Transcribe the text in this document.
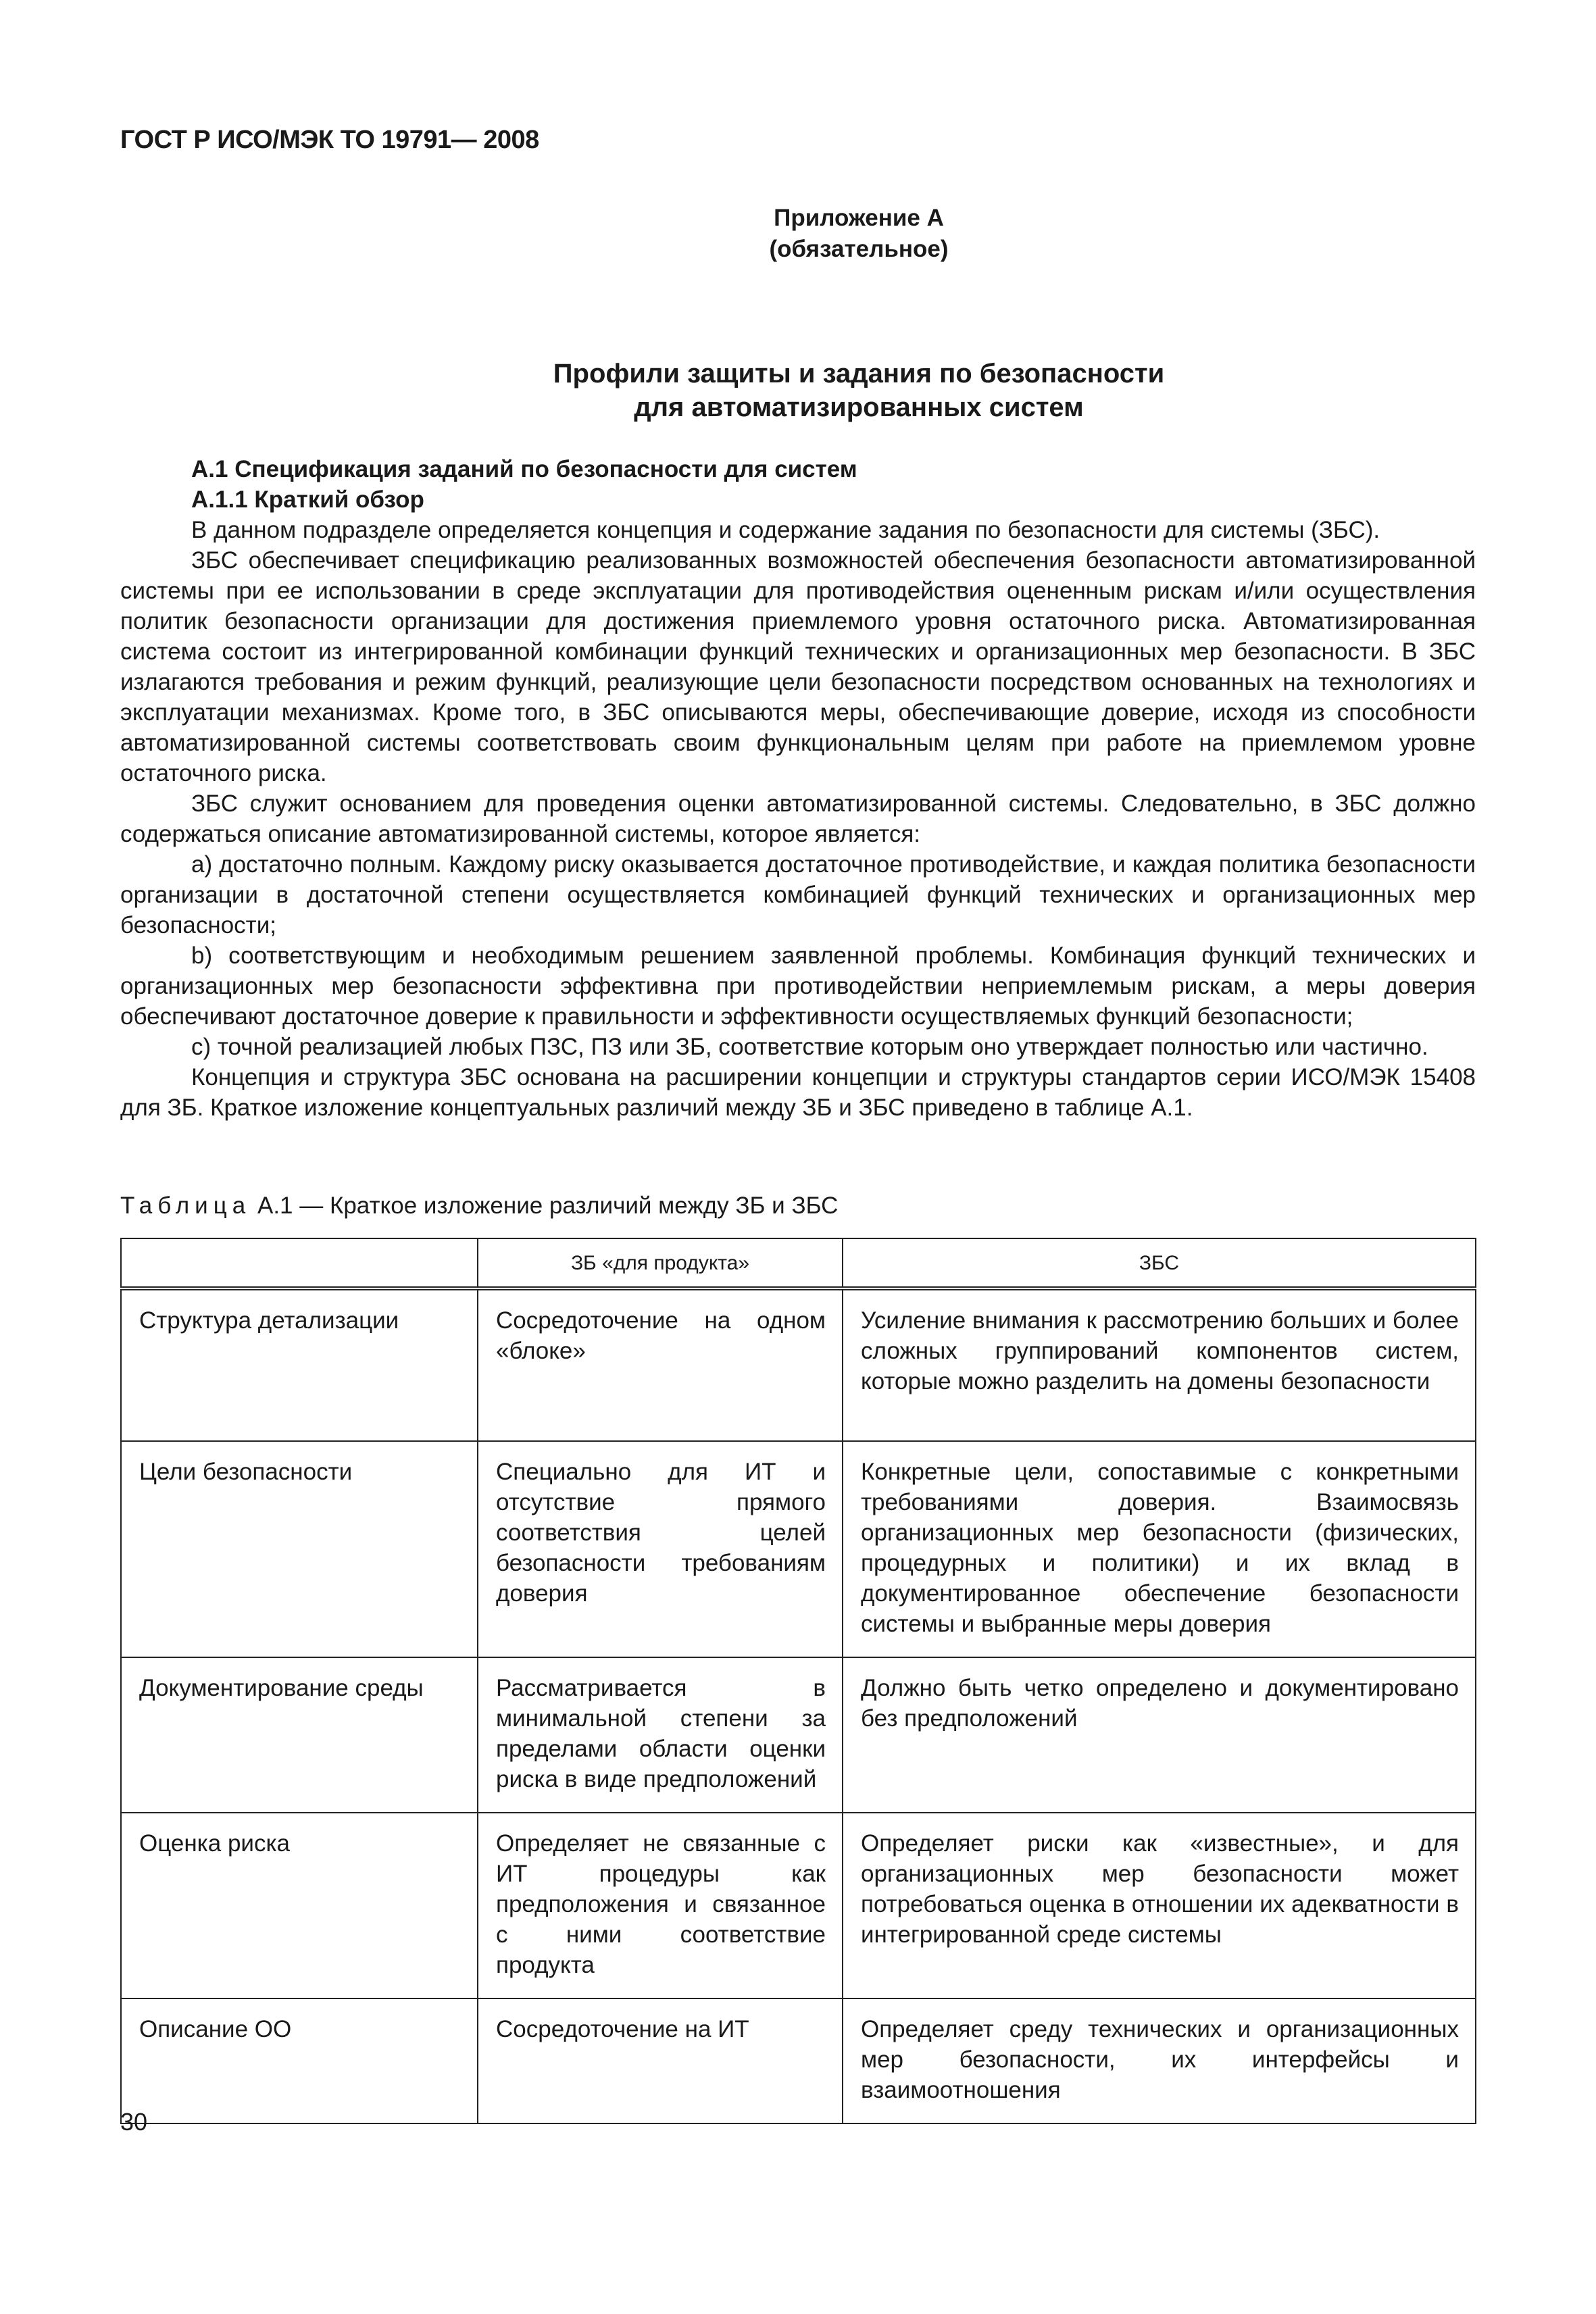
ГОСТ Р ИСО/МЭК ТО 19791— 2008
Приложение А
(обязательное)
Профили защиты и задания по безопасности
для автоматизированных систем
А.1 Спецификация заданий по безопасности для систем
А.1.1 Краткий обзор

В данном подразделе определяется концепция и содержание задания по безопасности для системы (ЗБС).

ЗБС обеспечивает спецификацию реализованных возможностей обеспечения безопасности автоматизированной системы при ее использовании в среде эксплуатации для противодействия оцененным рискам и/или осуществления политик безопасности организации для достижения приемлемого уровня остаточного риска. Автоматизированная система состоит из интегрированной комбинации функций технических и организационных мер безопасности. В ЗБС излагаются требования и режим функций, реализующие цели безопасности посредством основанных на технологиях и эксплуатации механизмах. Кроме того, в ЗБС описываются меры, обеспечивающие доверие, исходя из способности автоматизированной системы соответствовать своим функциональным целям при работе на приемлемом уровне остаточного риска.

ЗБС служит основанием для проведения оценки автоматизированной системы. Следовательно, в ЗБС должно содержаться описание автоматизированной системы, которое является:

а) достаточно полным. Каждому риску оказывается достаточное противодействие, и каждая политика безопасности организации в достаточной степени осуществляется комбинацией функций технических и организационных мер безопасности;

b) соответствующим и необходимым решением заявленной проблемы. Комбинация функций технических и организационных мер безопасности эффективна при противодействии неприемлемым рискам, а меры доверия обеспечивают достаточное доверие к правильности и эффективности осуществляемых функций безопасности;

с) точной реализацией любых ПЗС, ПЗ или ЗБ, соответствие которым оно утверждает полностью или частично.

Концепция и структура ЗБС основана на расширении концепции и структуры стандартов серии ИСО/МЭК 15408 для ЗБ. Краткое изложение концептуальных различий между ЗБ и ЗБС приведено в таблице А.1.

Таблица А.1 — Краткое изложение различий между ЗБ и ЗБС
	ЗБ «для продукта»	ЗБС
Структура детализации	Сосредоточение на одном «блоке»	Усиление внимания к рассмотрению больших и более сложных группирований компонентов систем, которые можно разделить на домены безопасности
Цели безопасности	Специально для ИТ и отсутствие прямого соответствия целей безопасности требованиям доверия	Конкретные цели, сопоставимые с конкретными требованиями доверия. Взаимосвязь организационных мер безопасности (физических, процедурных и политики) и их вклад в документированное обеспечение безопасности системы и выбранные меры доверия
Документирование среды	Рассматривается в минимальной степени за пределами области оценки риска в виде предположений	Должно быть четко определено и документировано без предположений
Оценка риска	Определяет не связанные с ИТ процедуры как предположения и связанное с ними соответствие продукта	Определяет риски как «известные», и для организационных мер безопасности может потребоваться оценка в отношении их адекватности в интегрированной среде системы
Описание ОО	Сосредоточение на ИТ	Определяет среду технических и организационных мер безопасности, их интерфейсы и взаимоотношения
30
